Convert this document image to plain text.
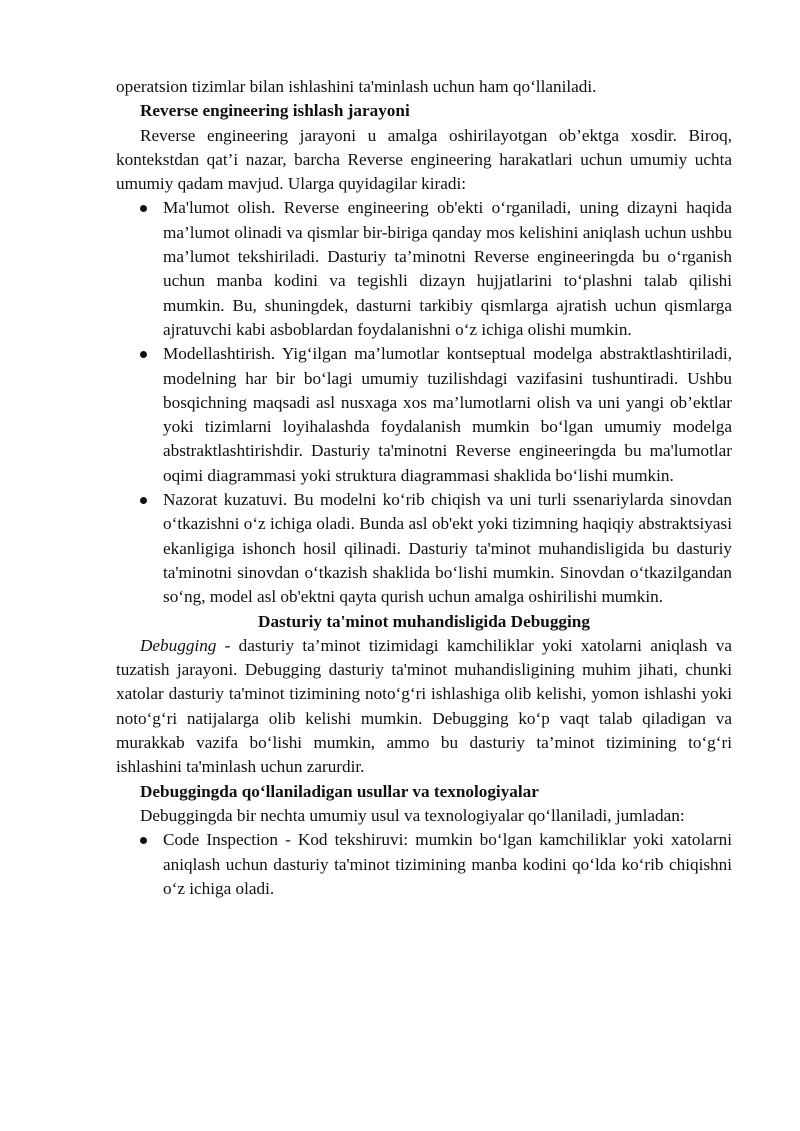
operatsion tizimlar bilan ishlashini ta'minlash uchun ham qo‘llaniladi.

Reverse engineering ishlash jarayoni

Reverse engineering jarayoni u amalga oshirilayotgan ob’ektga xosdir. Biroq, kontekstdan qat’i nazar, barcha Reverse engineering harakatlari uchun umumiy uchta umumiy qadam mavjud. Ularga quyidagilar kiradi:

Ma'lumot olish. Reverse engineering ob'ekti o‘rganiladi, uning dizayni haqida ma’lumot olinadi va qismlar bir-biriga qanday mos kelishini aniqlash uchun ushbu ma’lumot tekshiriladi. Dasturiy ta’minotni Reverse engineeringda bu o‘rganish uchun manba kodini va tegishli dizayn hujjatlarini to‘plashni talab qilishi mumkin. Bu, shuningdek, dasturni tarkibiy qismlarga ajratish uchun qismlarga ajratuvchi kabi asboblardan foydalanishni o‘z ichiga olishi mumkin.
Modellashtirish. Yig‘ilgan ma’lumotlar kontseptual modelga abstraktlashtiriladi, modelning har bir bo‘lagi umumiy tuzilishdagi vazifasini tushuntiradi. Ushbu bosqichning maqsadi asl nusxaga xos ma’lumotlarni olish va uni yangi ob’ektlar yoki tizimlarni loyihalashda foydalanish mumkin bo‘lgan umumiy modelga abstraktlashtirishdir. Dasturiy ta'minotni Reverse engineeringda bu ma'lumotlar oqimi diagrammasi yoki struktura diagrammasi shaklida bo‘lishi mumkin.
Nazorat kuzatuvi. Bu modelni ko‘rib chiqish va uni turli ssenariylarda sinovdan o‘tkazishni o‘z ichiga oladi. Bunda asl ob'ekt yoki tizimning haqiqiy abstraktsiyasi ekanligiga ishonch hosil qilinadi. Dasturiy ta'minot muhandisligida bu dasturiy ta'minotni sinovdan o‘tkazish shaklida bo‘lishi mumkin. Sinovdan o‘tkazilgandan so‘ng, model asl ob'ektni qayta qurish uchun amalga oshirilishi mumkin.

Dasturiy ta'minot muhandisligida Debugging

Debugging - dasturiy ta’minot tizimidagi kamchiliklar yoki xatolarni aniqlash va tuzatish jarayoni. Debugging dasturiy ta'minot muhandisligining muhim jihati, chunki xatolar dasturiy ta'minot tizimining noto‘g‘ri ishlashiga olib kelishi, yomon ishlashi yoki noto‘g‘ri natijalarga olib kelishi mumkin. Debugging ko‘p vaqt talab qiladigan va murakkab vazifa bo‘lishi mumkin, ammo bu dasturiy ta’minot tizimining to‘g‘ri ishlashini ta'minlash uchun zarurdir.

Debuggingda qo‘llaniladigan usullar va texnologiyalar

Debuggingda bir nechta umumiy usul va texnologiyalar qo‘llaniladi, jumladan:

Code Inspection - Kod tekshiruvi: mumkin bo‘lgan kamchiliklar yoki xatolarni aniqlash uchun dasturiy ta'minot tizimining manba kodini qo‘lda ko‘rib chiqishni o‘z ichiga oladi.
